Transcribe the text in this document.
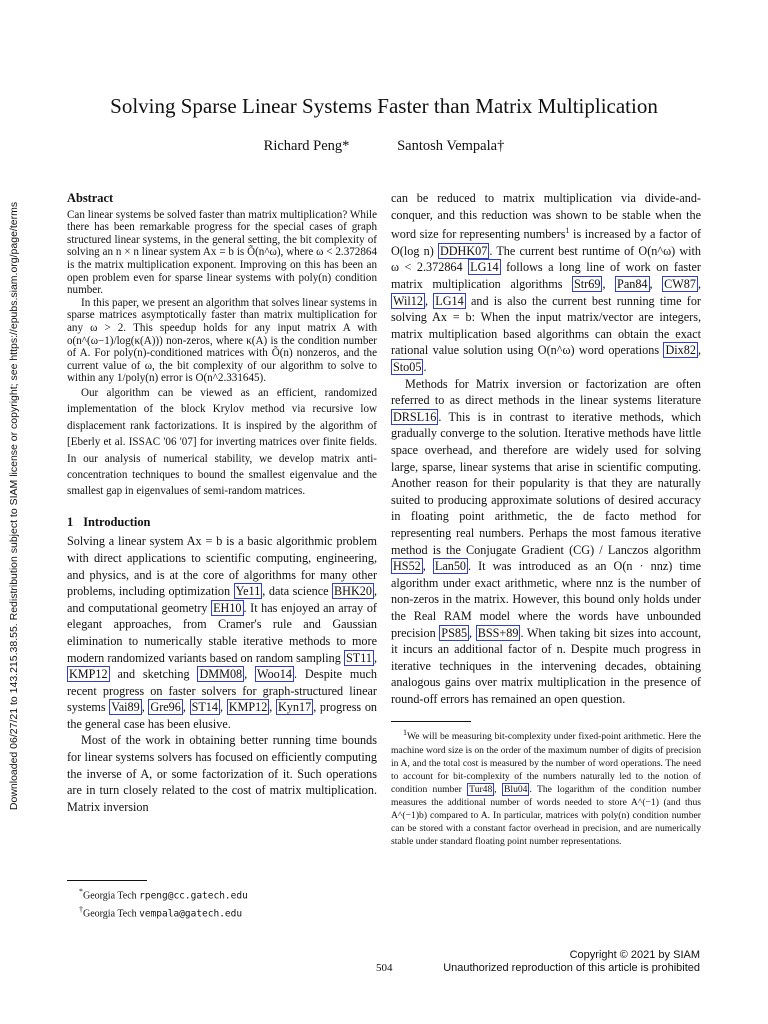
Downloaded 06/27/21 to 143.215.38.55. Redistribution subject to SIAM license or copyright; see https://epubs.siam.org/page/terms
Solving Sparse Linear Systems Faster than Matrix Multiplication
Richard Peng*	Santosh Vempala†
Abstract

Can linear systems be solved faster than matrix multiplication? While there has been remarkable progress for the special cases of graph structured linear systems, in the general setting, the bit complexity of solving an n × n linear system Ax = b is Õ(n^ω), where ω < 2.372864 is the matrix multiplication exponent. Improving on this has been an open problem even for sparse linear systems with poly(n) condition number.

In this paper, we present an algorithm that solves linear systems in sparse matrices asymptotically faster than matrix multiplication for any ω > 2. This speedup holds for any input matrix A with o(n^(ω−1)/log(κ(A))) non-zeros, where κ(A) is the condition number of A. For poly(n)-conditioned matrices with Õ(n) nonzeros, and the current value of ω, the bit complexity of our algorithm to solve to within any 1/poly(n) error is O(n^2.331645).

Our algorithm can be viewed as an efficient, randomized implementation of the block Krylov method via recursive low displacement rank factorizations. It is inspired by the algorithm of [Eberly et al. ISSAC '06 '07] for inverting matrices over finite fields. In our analysis of numerical stability, we develop matrix anti-concentration techniques to bound the smallest eigenvalue and the smallest gap in eigenvalues of semi-random matrices.

1 Introduction

Solving a linear system Ax = b is a basic algorithmic problem with direct applications to scientific computing, engineering, and physics, and is at the core of algorithms for many other problems, including optimization Ye11 , data science BHK20 , and computational geometry EH10 . It has enjoyed an array of elegant approaches, from Cramer's rule and Gaussian elimination to numerically stable iterative methods to more modern randomized variants based on random sampling ST11 , KMP12 and sketching DMM08 , Woo14 . Despite much recent progress on faster solvers for graph-structured linear systems Vai89 , Gre96 , ST14 , KMP12 , Kyn17 , progress on the general case has been elusive.

Most of the work in obtaining better running time bounds for linear systems solvers has focused on efficiently computing the inverse of A, or some factorization of it. Such operations are in turn closely related to the cost of matrix multiplication. Matrix inversion

can be reduced to matrix multiplication via divide-and-conquer, and this reduction was shown to be stable when the word size for representing numbers$^1$ is increased by a factor of O(log n) DDHK07 . The current best runtime of O(n^ω) with ω < 2.372864 LG14 follows a long line of work on faster matrix multiplication algorithms Str69 , Pan84 , CW87 , Wil12 , LG14 and is also the current best running time for solving Ax = b: When the input matrix/vector are integers, matrix multiplication based algorithms can obtain the exact rational value solution using O(n^ω) word operations Dix82 , Sto05 .

Methods for Matrix inversion or factorization are often referred to as direct methods in the linear systems literature DRSL16 . This is in contrast to iterative methods, which gradually converge to the solution. Iterative methods have little space overhead, and therefore are widely used for solving large, sparse, linear systems that arise in scientific computing. Another reason for their popularity is that they are naturally suited to producing approximate solutions of desired accuracy in floating point arithmetic, the de facto method for representing real numbers. Perhaps the most famous iterative method is the Conjugate Gradient (CG) / Lanczos algorithm HS52 , Lan50 . It was introduced as an O(n · nnz) time algorithm under exact arithmetic, where nnz is the number of non-zeros in the matrix. However, this bound only holds under the Real RAM model where the words have unbounded precision PS85 , BSS+89 . When taking bit sizes into account, it incurs an additional factor of n. Despite much progress in iterative techniques in the intervening decades, obtaining analogous gains over matrix multiplication in the presence of round-off errors has remained an open question.

$^1$We will be measuring bit-complexity under fixed-point arithmetic. Here the machine word size is on the order of the maximum number of digits of precision in A, and the total cost is measured by the number of word operations. The need to account for bit-complexity of the numbers naturally led to the notion of condition number Tur48 , Blu04 . The logarithm of the condition number measures the additional number of words needed to store A^(−1) (and thus A^(−1)b) compared to A. In particular, matrices with poly(n) condition number can be stored with a constant factor overhead in precision, and are numerically stable under standard floating point number representations.
*Georgia Tech rpeng@cc.gatech.edu
†Georgia Tech vempala@gatech.edu
504
Copyright © 2021 by SIAM
Unauthorized reproduction of this article is prohibited
